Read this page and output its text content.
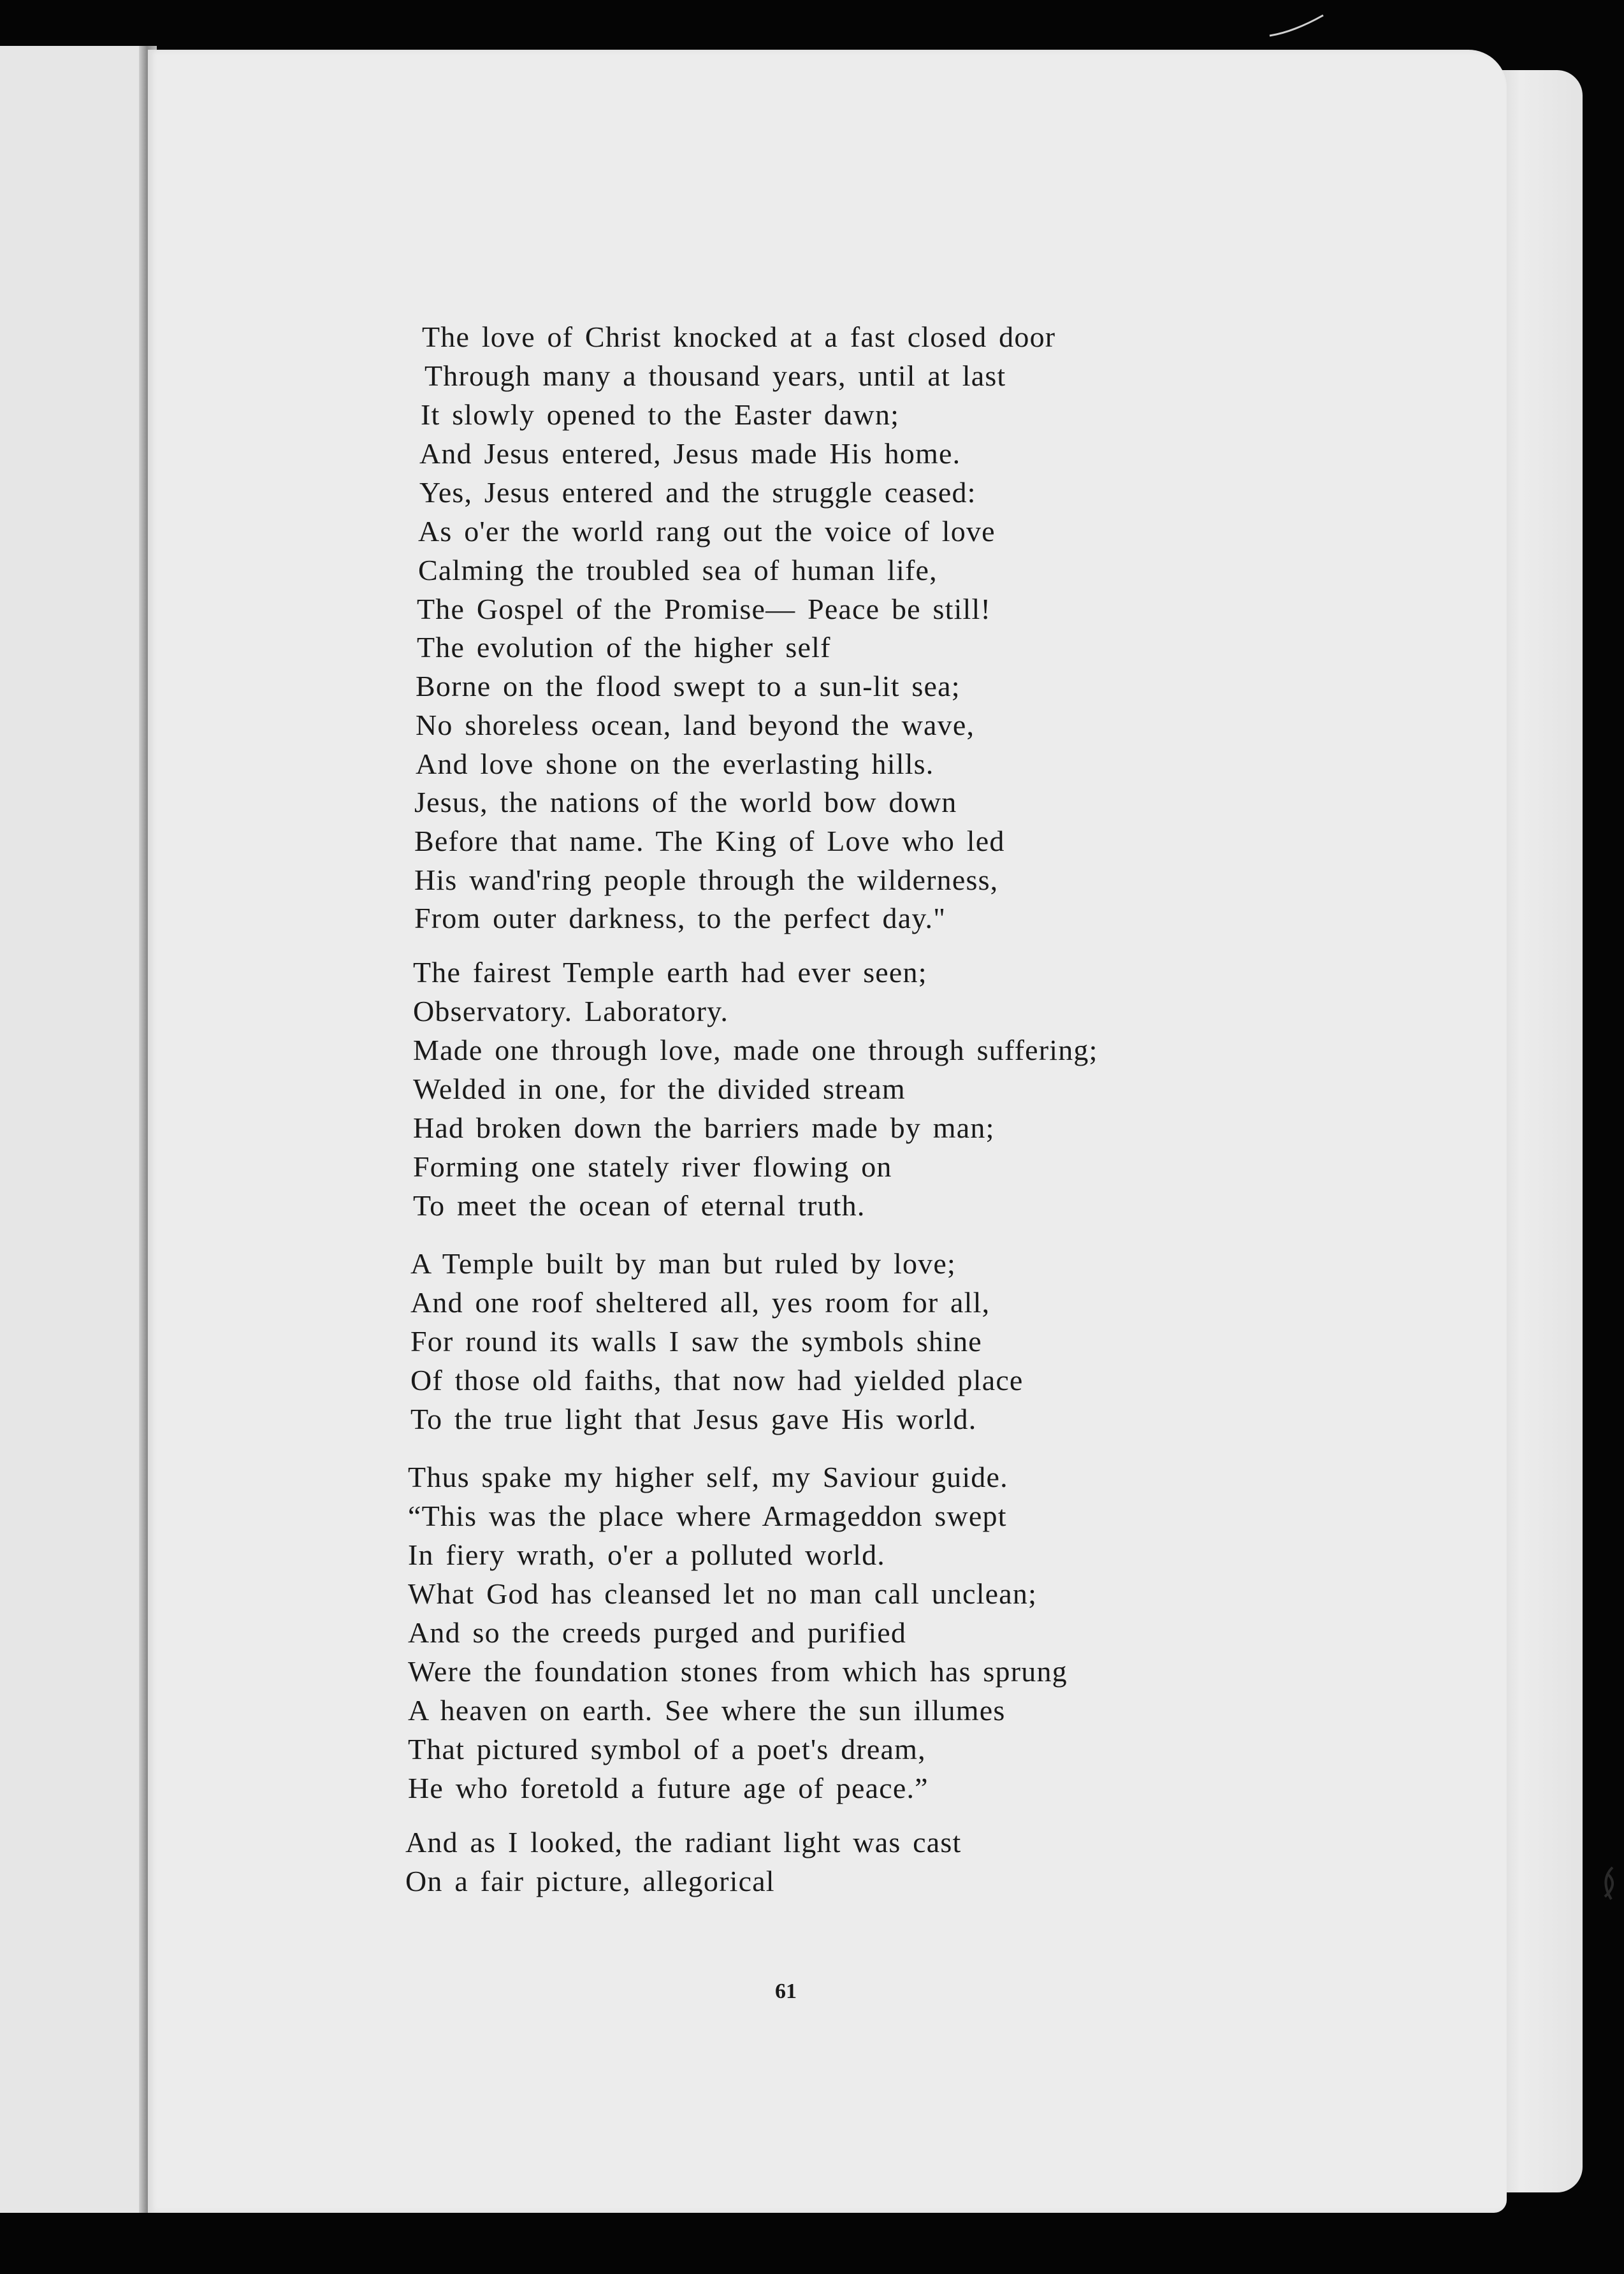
The love of Christ knocked at a fast closed door
Through many a thousand years, until at last
It slowly opened to the Easter dawn;
And Jesus entered, Jesus made His home.
Yes, Jesus entered and the struggle ceased:
As o'er the world rang out the voice of love
Calming the troubled sea of human life,
The Gospel of the Promise— Peace be still!
The evolution of the higher self
Borne on the flood swept to a sun-lit sea;
No shoreless ocean, land beyond the wave,
And love shone on the everlasting hills.
Jesus, the nations of the world bow down
Before that name. The King of Love who led
His wand'ring people through the wilderness,
From outer darkness, to the perfect day."
The fairest Temple earth had ever seen;
Observatory. Laboratory.
Made one through love, made one through suffering;
Welded in one, for the divided stream
Had broken down the barriers made by man;
Forming one stately river flowing on
To meet the ocean of eternal truth.
A Temple built by man but ruled by love;
And one roof sheltered all, yes room for all,
For round its walls I saw the symbols shine
Of those old faiths, that now had yielded place
To the true light that Jesus gave His world.
Thus spake my higher self, my Saviour guide.
“This was the place where Armageddon swept
In fiery wrath, o'er a polluted world.
What God has cleansed let no man call unclean;
And so the creeds purged and purified
Were the foundation stones from which has sprung
A heaven on earth. See where the sun illumes
That pictured symbol of a poet's dream,
He who foretold a future age of peace.”
And as I looked, the radiant light was cast
On a fair picture, allegorical
61
